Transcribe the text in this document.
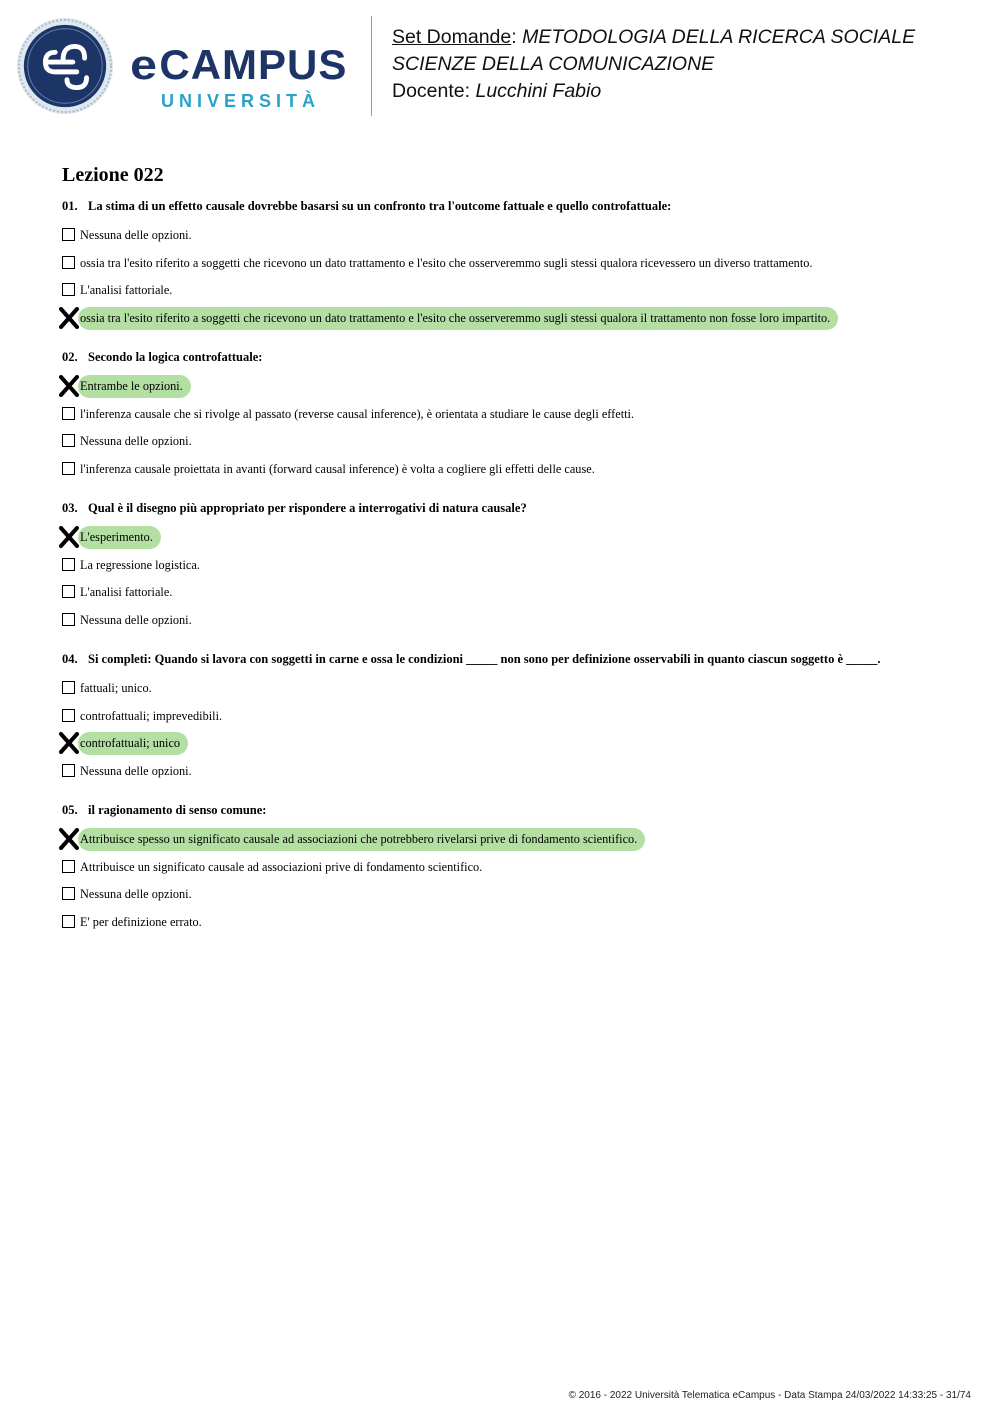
eCAMPUS
UNIVERSITÀ
Set Domande: METODOLOGIA DELLA RICERCA SOCIALE
SCIENZE DELLA COMUNICAZIONE
Docente: Lucchini Fabio
Lezione 022
01. La stima di un effetto causale dovrebbe basarsi su un confronto tra l'outcome fattuale e quello controfattuale:
Nessuna delle opzioni.
ossia tra l'esito riferito a soggetti che ricevono un dato trattamento e l'esito che osserveremmo sugli stessi qualora ricevessero un diverso trattamento.
L'analisi fattoriale.
ossia tra l'esito riferito a soggetti che ricevono un dato trattamento e l'esito che osserveremmo sugli stessi qualora il trattamento non fosse loro impartito.
02. Secondo la logica controfattuale:
Entrambe le opzioni.
l'inferenza causale che si rivolge al passato (reverse causal inference), è orientata a studiare le cause degli effetti.
Nessuna delle opzioni.
l'inferenza causale proiettata in avanti (forward causal inference) è volta a cogliere gli effetti delle cause.
03. Qual è il disegno più appropriato per rispondere a interrogativi di natura causale?
L'esperimento.
La regressione logistica.
L'analisi fattoriale.
Nessuna delle opzioni.
04. Si completi: Quando si lavora con soggetti in carne e ossa le condizioni _____ non sono per definizione osservabili in quanto ciascun soggetto è _____.
fattuali; unico.
controfattuali; imprevedibili.
controfattuali; unico
Nessuna delle opzioni.
05. il ragionamento di senso comune:
Attribuisce spesso un significato causale ad associazioni che potrebbero rivelarsi prive di fondamento scientifico.
Attribuisce un significato causale ad associazioni prive di fondamento scientifico.
Nessuna delle opzioni.
E' per definizione errato.
© 2016 - 2022 Università Telematica eCampus - Data Stampa 24/03/2022 14:33:25 - 31/74
